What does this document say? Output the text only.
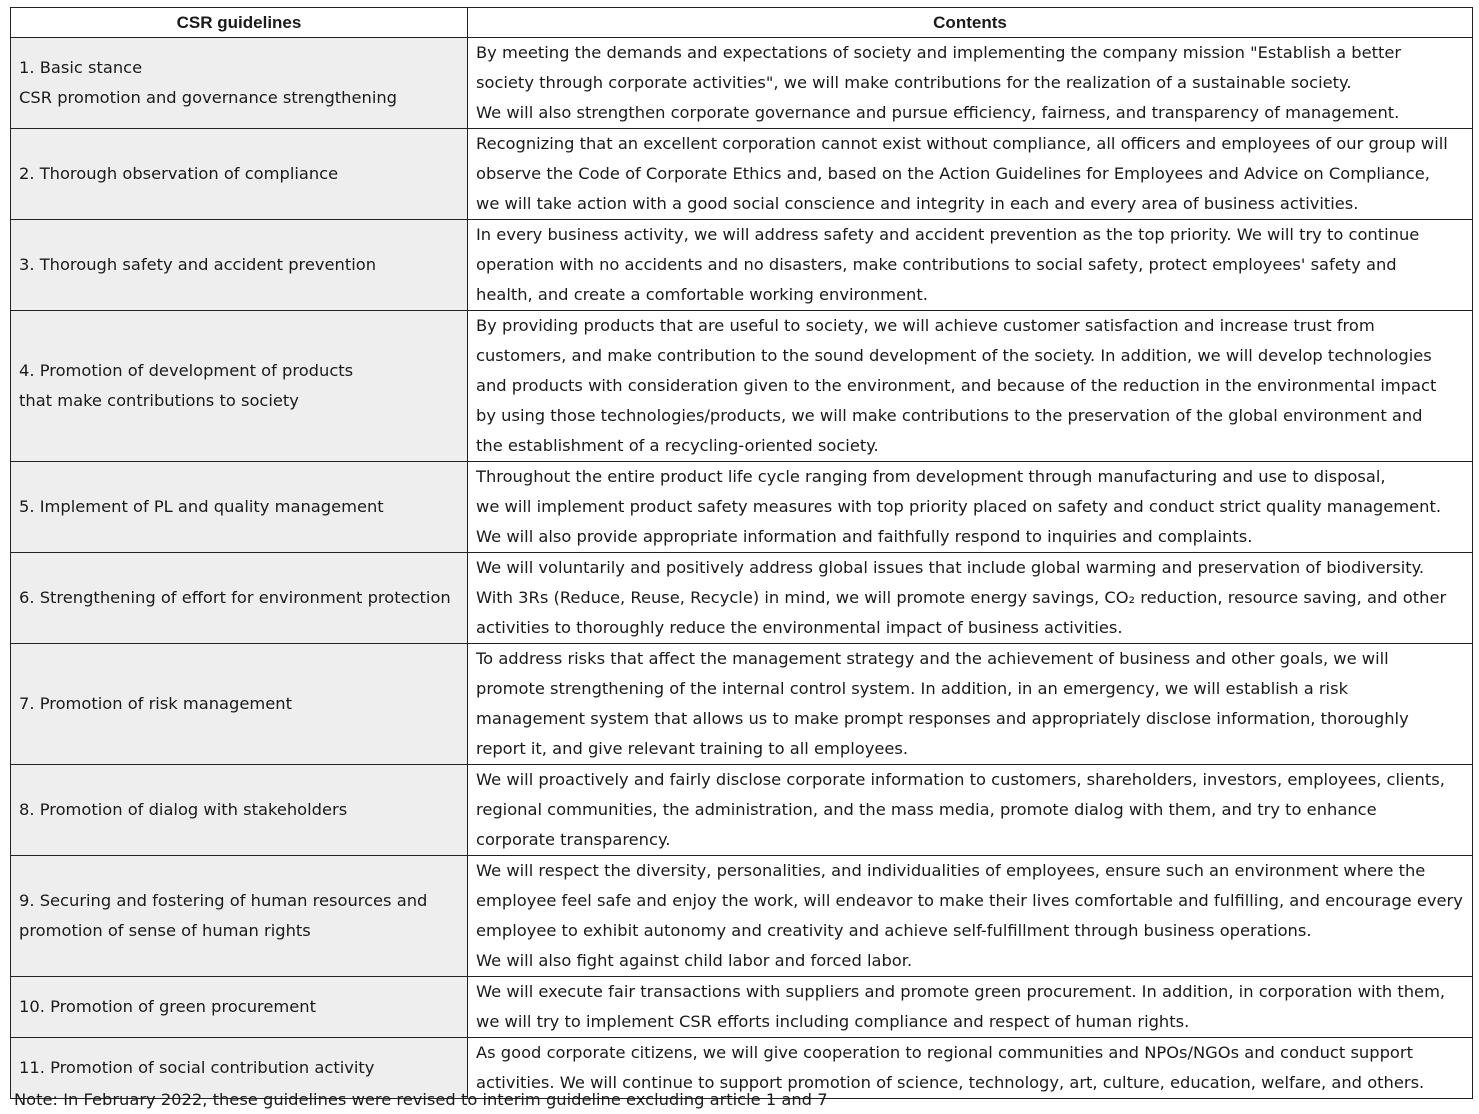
CSR guidelines	Contents

1. Basic stance
CSR promotion and governance strengthening	By meeting the demands and expectations of society and implementing the company mission "Establish a better
society through corporate activities", we will make contributions for the realization of a sustainable society.
We will also strengthen corporate governance and pursue efficiency, fairness, and transparency of management.

2. Thorough observation of compliance	Recognizing that an excellent corporation cannot exist without compliance, all officers and employees of our group will
observe the Code of Corporate Ethics and, based on the Action Guidelines for Employees and Advice on Compliance,
we will take action with a good social conscience and integrity in each and every area of business activities.

3. Thorough safety and accident prevention	In every business activity, we will address safety and accident prevention as the top priority. We will try to continue
operation with no accidents and no disasters, make contributions to social safety, protect employees' safety and
health, and create a comfortable working environment.

4. Promotion of development of products
that make contributions to society	By providing products that are useful to society, we will achieve customer satisfaction and increase trust from
customers, and make contribution to the sound development of the society. In addition, we will develop technologies
and products with consideration given to the environment, and because of the reduction in the environmental impact
by using those technologies/products, we will make contributions to the preservation of the global environment and
the establishment of a recycling-oriented society.

5. Implement of PL and quality management	Throughout the entire product life cycle ranging from development through manufacturing and use to disposal,
we will implement product safety measures with top priority placed on safety and conduct strict quality management.
We will also provide appropriate information and faithfully respond to inquiries and complaints.

6. Strengthening of effort for environment protection	We will voluntarily and positively address global issues that include global warming and preservation of biodiversity.
With 3Rs (Reduce, Reuse, Recycle) in mind, we will promote energy savings, CO₂ reduction, resource saving, and other
activities to thoroughly reduce the environmental impact of business activities.

7. Promotion of risk management	To address risks that affect the management strategy and the achievement of business and other goals, we will
promote strengthening of the internal control system. In addition, in an emergency, we will establish a risk
management system that allows us to make prompt responses and appropriately disclose information, thoroughly
report it, and give relevant training to all employees.

8. Promotion of dialog with stakeholders	We will proactively and fairly disclose corporate information to customers, shareholders, investors, employees, clients,
regional communities, the administration, and the mass media, promote dialog with them, and try to enhance
corporate transparency.

9. Securing and fostering of human resources and
promotion of sense of human rights	We will respect the diversity, personalities, and individualities of employees, ensure such an environment where the
employee feel safe and enjoy the work, will endeavor to make their lives comfortable and fulfilling, and encourage every
employee to exhibit autonomy and creativity and achieve self-fulfillment through business operations.
We will also fight against child labor and forced labor.

10. Promotion of green procurement	We will execute fair transactions with suppliers and promote green procurement. In addition, in corporation with them,
we will try to implement CSR efforts including compliance and respect of human rights.

11. Promotion of social contribution activity	As good corporate citizens, we will give cooperation to regional communities and NPOs/NGOs and conduct support
activities. We will continue to support promotion of science, technology, art, culture, education, welfare, and others.
Note: In February 2022, these guidelines were revised to interim guideline excluding article 1 and 7
